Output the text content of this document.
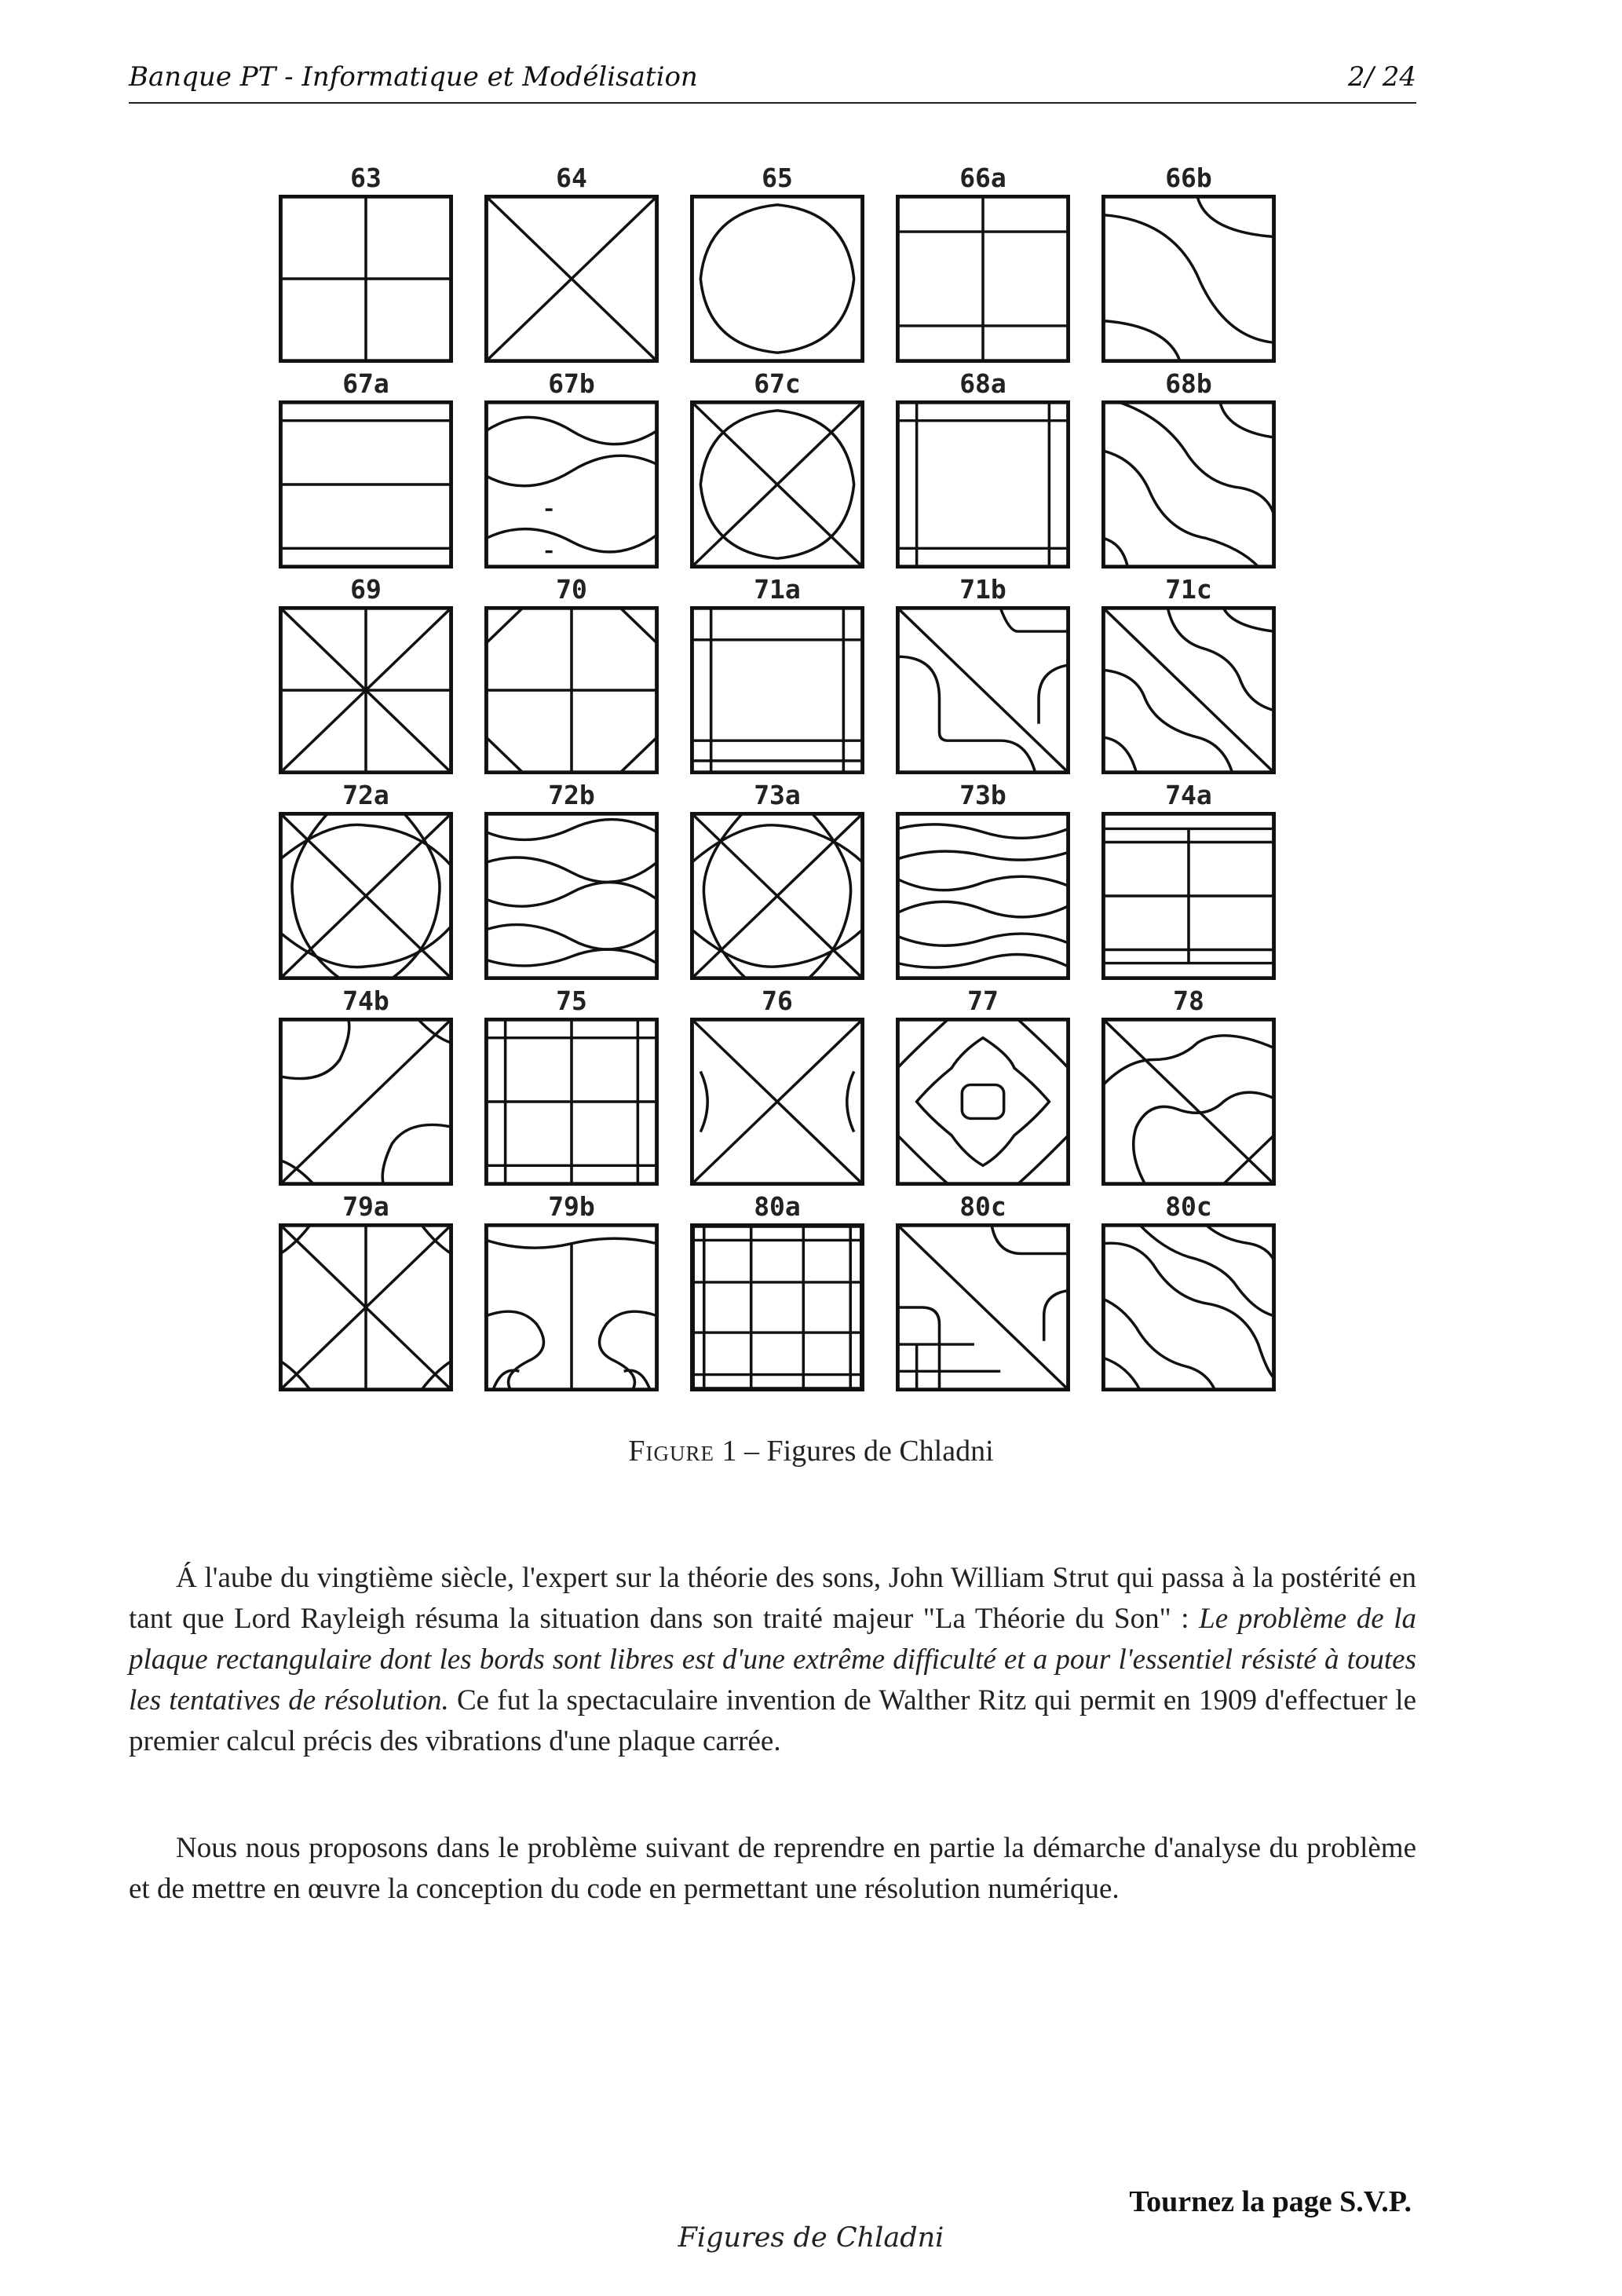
Banque PT - Informatique et Modélisation	2/ 24
63	64	65	66a	66b
67a	67b	67c	68a	68b
69	70	71a	71b	71c
72a	72b	73a	73b	74a
74b	75	76	77	78
79a	79b	80a	80c	80c
Figure 1 – Figures de Chladni

Á l'aube du vingtième siècle, l'expert sur la théorie des sons, John William Strut qui passa à la postérité en tant que Lord Rayleigh résuma la situation dans son traité majeur "La Théorie du Son" : Le problème de la plaque rectangulaire dont les bords sont libres est d'une extrême difficulté et a pour l'essentiel résisté à toutes les tentatives de résolution. Ce fut la spectaculaire invention de Walther Ritz qui permit en 1909 d'effectuer le premier calcul précis des vibrations d'une plaque carrée.

Nous nous proposons dans le problème suivant de reprendre en partie la démarche d'analyse du problème et de mettre en œuvre la conception du code en permettant une résolution numérique.

Tournez la page S.V.P.
Figures de Chladni
